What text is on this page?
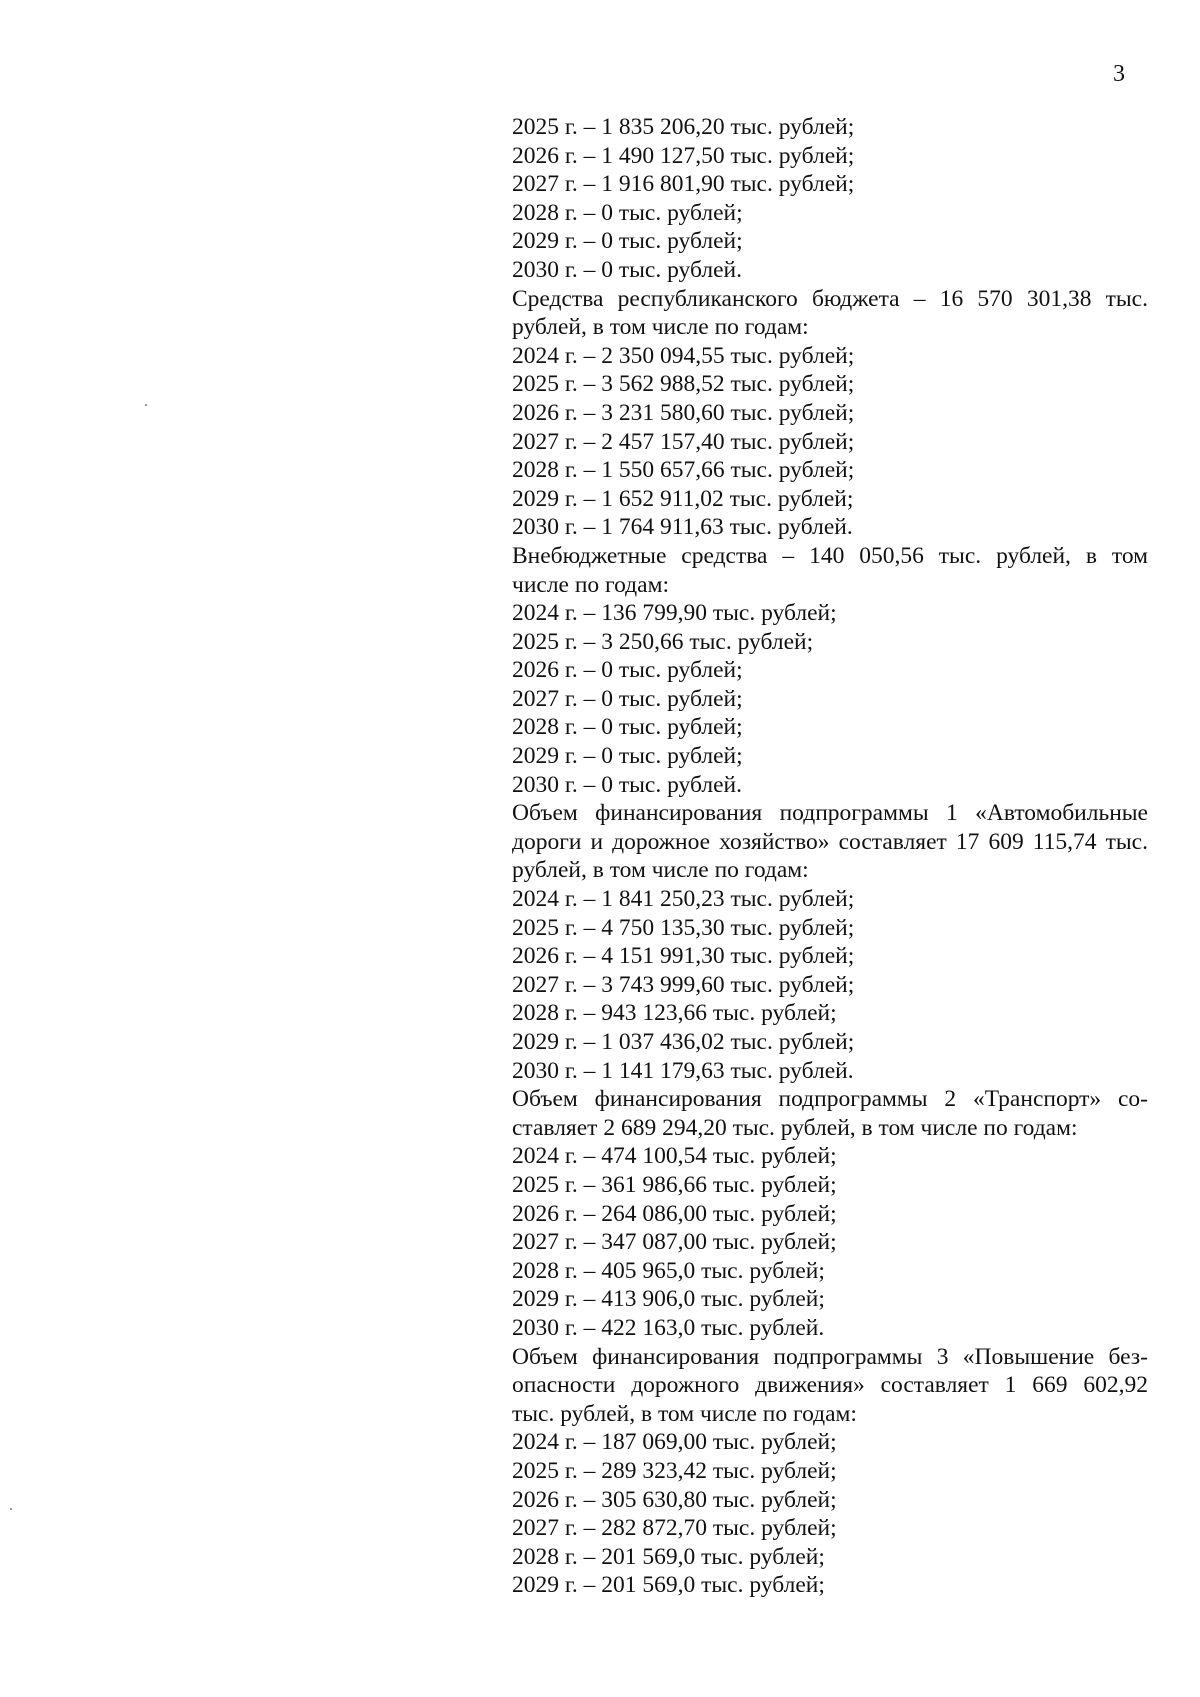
3
2025 г. – 1 835 206,20 тыс. рублей;
2026 г. – 1 490 127,50 тыс. рублей;
2027 г. – 1 916 801,90 тыс. рублей;
2028 г. – 0 тыс. рублей;
2029 г. – 0 тыс. рублей;
2030 г. – 0 тыс. рублей.
Средства республиканского бюджета – 16 570 301,38 тыс.
рублей, в том числе по годам:
2024 г. – 2 350 094,55 тыс. рублей;
2025 г. – 3 562 988,52 тыс. рублей;
2026 г. – 3 231 580,60 тыс. рублей;
2027 г. – 2 457 157,40 тыс. рублей;
2028 г. – 1 550 657,66 тыс. рублей;
2029 г. – 1 652 911,02 тыс. рублей;
2030 г. – 1 764 911,63 тыс. рублей.
Внебюджетные средства – 140 050,56 тыс. рублей, в том
числе по годам:
2024 г. – 136 799,90 тыс. рублей;
2025 г. – 3 250,66 тыс. рублей;
2026 г. – 0 тыс. рублей;
2027 г. – 0 тыс. рублей;
2028 г. – 0 тыс. рублей;
2029 г. – 0 тыс. рублей;
2030 г. – 0 тыс. рублей.
Объем финансирования подпрограммы 1 «Автомобильные
дороги и дорожное хозяйство» составляет 17 609 115,74 тыс.
рублей, в том числе по годам:
2024 г. – 1 841 250,23 тыс. рублей;
2025 г. – 4 750 135,30 тыс. рублей;
2026 г. – 4 151 991,30 тыс. рублей;
2027 г. – 3 743 999,60 тыс. рублей;
2028 г. – 943 123,66 тыс. рублей;
2029 г. – 1 037 436,02 тыс. рублей;
2030 г. – 1 141 179,63 тыс. рублей.
Объем финансирования подпрограммы 2 «Транспорт» со-
ставляет 2 689 294,20 тыс. рублей, в том числе по годам:
2024 г. – 474 100,54 тыс. рублей;
2025 г. – 361 986,66 тыс. рублей;
2026 г. – 264 086,00 тыс. рублей;
2027 г. – 347 087,00 тыс. рублей;
2028 г. – 405 965,0 тыс. рублей;
2029 г. – 413 906,0 тыс. рублей;
2030 г. – 422 163,0 тыс. рублей.
Объем финансирования подпрограммы 3 «Повышение без-
опасности дорожного движения» составляет 1 669 602,92
тыс. рублей, в том числе по годам:
2024 г. – 187 069,00 тыс. рублей;
2025 г. – 289 323,42 тыс. рублей;
2026 г. – 305 630,80 тыс. рублей;
2027 г. – 282 872,70 тыс. рублей;
2028 г. – 201 569,0 тыс. рублей;
2029 г. – 201 569,0 тыс. рублей;
